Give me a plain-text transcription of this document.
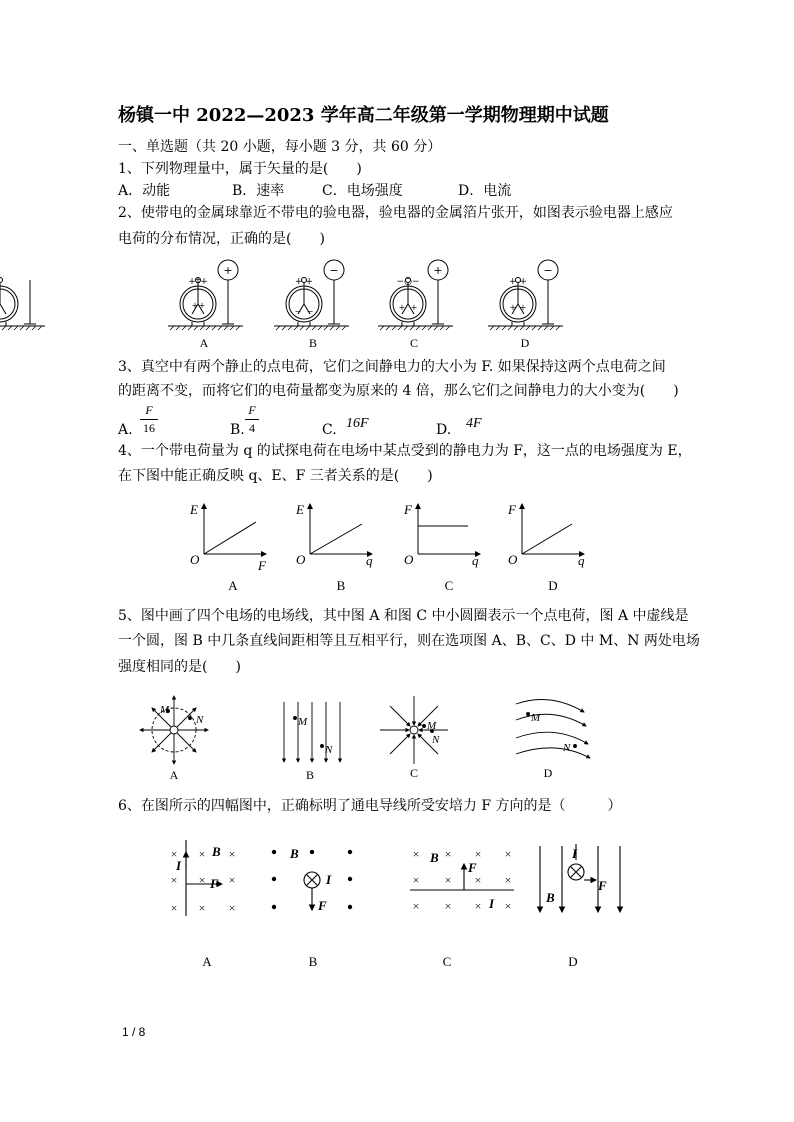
杨镇一中 2022—2023 学年高二年级第一学期物理期中试题
一、单选题（共 20 小题，每小题 3 分，共 60 分）
1、下列物理量中，属于矢量的是(　　)
A．动能	B．速率	C．电场强度	D．电流
2、使带电的金属球靠近不带电的验电器，验电器的金属箔片张开，如图表示验电器上感应
电荷的分布情况，正确的是(　　)
+
+‡+
+ +
−
+ +
− −
+
−○−
+ +
−
+ +
+ +
A	B	C	D
3、真空中有两个静止的点电荷，它们之间静电力的大小为 F. 如果保持这两个点电荷之间
的距离不变，而将它们的电荷量都变为原来的 4 倍，那么它们之间静电力的大小变为(　　)
A.
F
16	B.
F
4	C. 16F	D. 4F
4、一个带电荷量为 q 的试探电荷在电场中某点受到的静电力为 F，这一点的电场强度为 E，
在下图中能正确反映 q、E、F 三者关系的是(　　)
E
O	F
E
O	q
F
O	q
F
O	q
A	B	C	D
5、图中画了四个电场的电场线，其中图 A 和图 C 中小圆圈表示一个点电荷，图 A 中虚线是
一个圆，图 B 中几条直线间距相等且互相平行，则在选项图 A、B、C、D 中 M、N 两处电场
强度相同的是(　　)
M
N	M
N
M
N
M
N
A	B	C	D
6、在图所示的四幅图中，正确标明了通电导线所受安培力 F 方向的是（　　　）
× × ×
× × ×
× × ×
× × × ×
× × × ×
× × × ×
I
B
F
B
I
F
B
F
I
I
B
F
A	B	C	D
1 / 8
